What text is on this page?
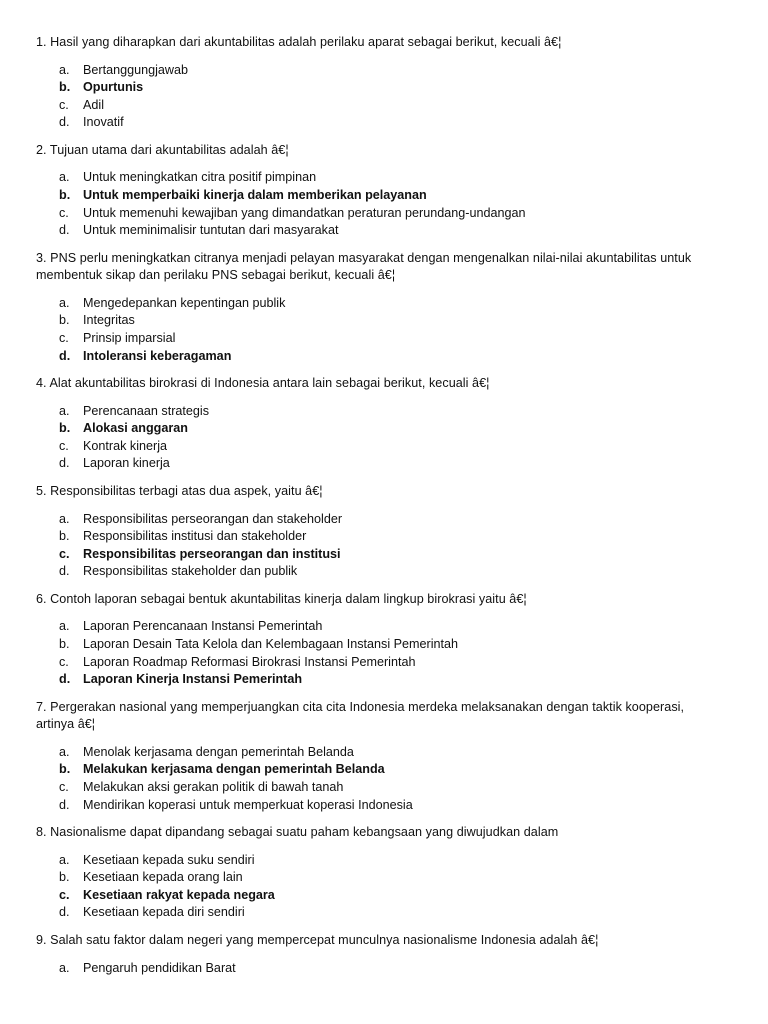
1. Hasil yang diharapkan dari akuntabilitas adalah perilaku aparat sebagai berikut, kecuali â€¦

a.	Bertanggungjawab
b.	Opurtunis
c.	Adil
d.	Inovatif

2. Tujuan utama dari akuntabilitas adalah â€¦

a.	Untuk meningkatkan citra positif pimpinan
b.	Untuk memperbaiki kinerja dalam memberikan pelayanan
c.	Untuk memenuhi kewajiban yang dimandatkan peraturan perundang-undangan
d.	Untuk meminimalisir tuntutan dari masyarakat

3. PNS perlu meningkatkan citranya menjadi pelayan masyarakat dengan mengenalkan nilai-nilai akuntabilitas untuk membentuk sikap dan perilaku PNS sebagai berikut, kecuali â€¦

a.	Mengedepankan kepentingan publik
b.	Integritas
c.	Prinsip imparsial
d.	Intoleransi keberagaman

4. Alat akuntabilitas birokrasi di Indonesia antara lain sebagai berikut, kecuali â€¦

a.	Perencanaan strategis
b.	Alokasi anggaran
c.	Kontrak kinerja
d.	Laporan kinerja

5. Responsibilitas terbagi atas dua aspek, yaitu â€¦

a.	Responsibilitas perseorangan dan stakeholder
b.	Responsibilitas institusi dan stakeholder
c.	Responsibilitas perseorangan dan institusi
d.	Responsibilitas stakeholder dan publik

6. Contoh laporan sebagai bentuk akuntabilitas kinerja dalam lingkup birokrasi yaitu â€¦

a.	Laporan Perencanaan Instansi Pemerintah
b.	Laporan Desain Tata Kelola dan Kelembagaan Instansi Pemerintah
c.	Laporan Roadmap Reformasi Birokrasi Instansi Pemerintah
d.	Laporan Kinerja Instansi Pemerintah

7. Pergerakan nasional yang memperjuangkan cita cita Indonesia merdeka melaksanakan dengan taktik kooperasi, artinya â€¦

a.	Menolak kerjasama dengan pemerintah Belanda
b.	Melakukan kerjasama dengan pemerintah Belanda
c.	Melakukan aksi gerakan politik di bawah tanah
d.	Mendirikan koperasi untuk memperkuat koperasi Indonesia

8. Nasionalisme dapat dipandang sebagai suatu paham kebangsaan yang diwujudkan dalam

a.	Kesetiaan kepada suku sendiri
b.	Kesetiaan kepada orang lain
c.	Kesetiaan rakyat kepada negara
d.	Kesetiaan kepada diri sendiri

9. Salah satu faktor dalam negeri yang mempercepat munculnya nasionalisme Indonesia adalah â€¦

a.	Pengaruh pendidikan Barat
